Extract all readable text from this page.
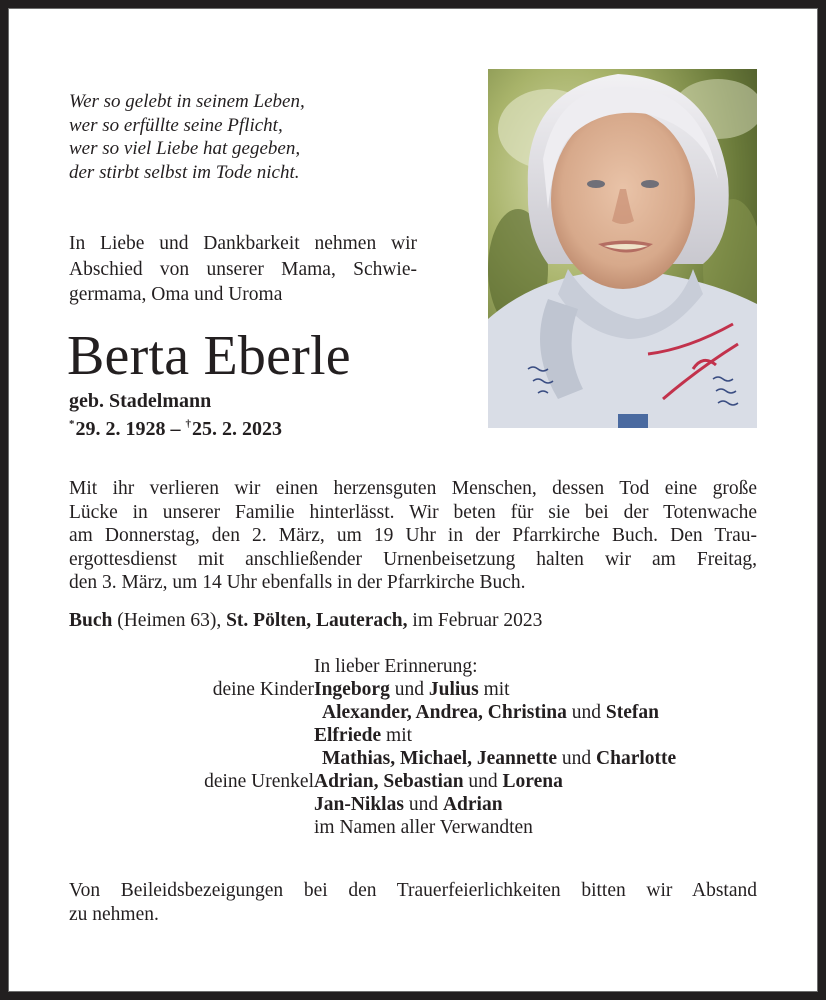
Wer so gelebt in seinem Leben,
wer so erfüllte seine Pflicht,
wer so viel Liebe hat gegeben,
der stirbt selbst im Tode nicht.
In Liebe und Dankbarkeit nehmen wir
Abschied von unserer Mama, Schwie-
germama, Oma und Uroma
Berta Eberle
geb. Stadelmann
*29. 2. 1928 – †25. 2. 2023
Mit ihr verlieren wir einen herzensguten Menschen, dessen Tod eine große
Lücke in unserer Familie hinterlässt. Wir beten für sie bei der Totenwache
am Donnerstag, den 2. März, um 19 Uhr in der Pfarrkirche Buch. Den Trau-
ergottesdienst mit anschließender Urnenbeisetzung halten wir am Freitag,
den 3. März, um 14 Uhr ebenfalls in der Pfarrkirche Buch.
Buch (Heimen 63), St. Pölten, Lauterach, im Februar 2023
In lieber Erinnerung:
deine Kinder Ingeborg und Julius mit
Alexander, Andrea, Christina und Stefan
Elfriede mit
Mathias, Michael, Jeannette und Charlotte
deine Urenkel Adrian, Sebastian und Lorena
Jan-Niklas und Adrian
im Namen aller Verwandten
Von Beileidsbezeigungen bei den Trauerfeierlichkeiten bitten wir Abstand
zu nehmen.
